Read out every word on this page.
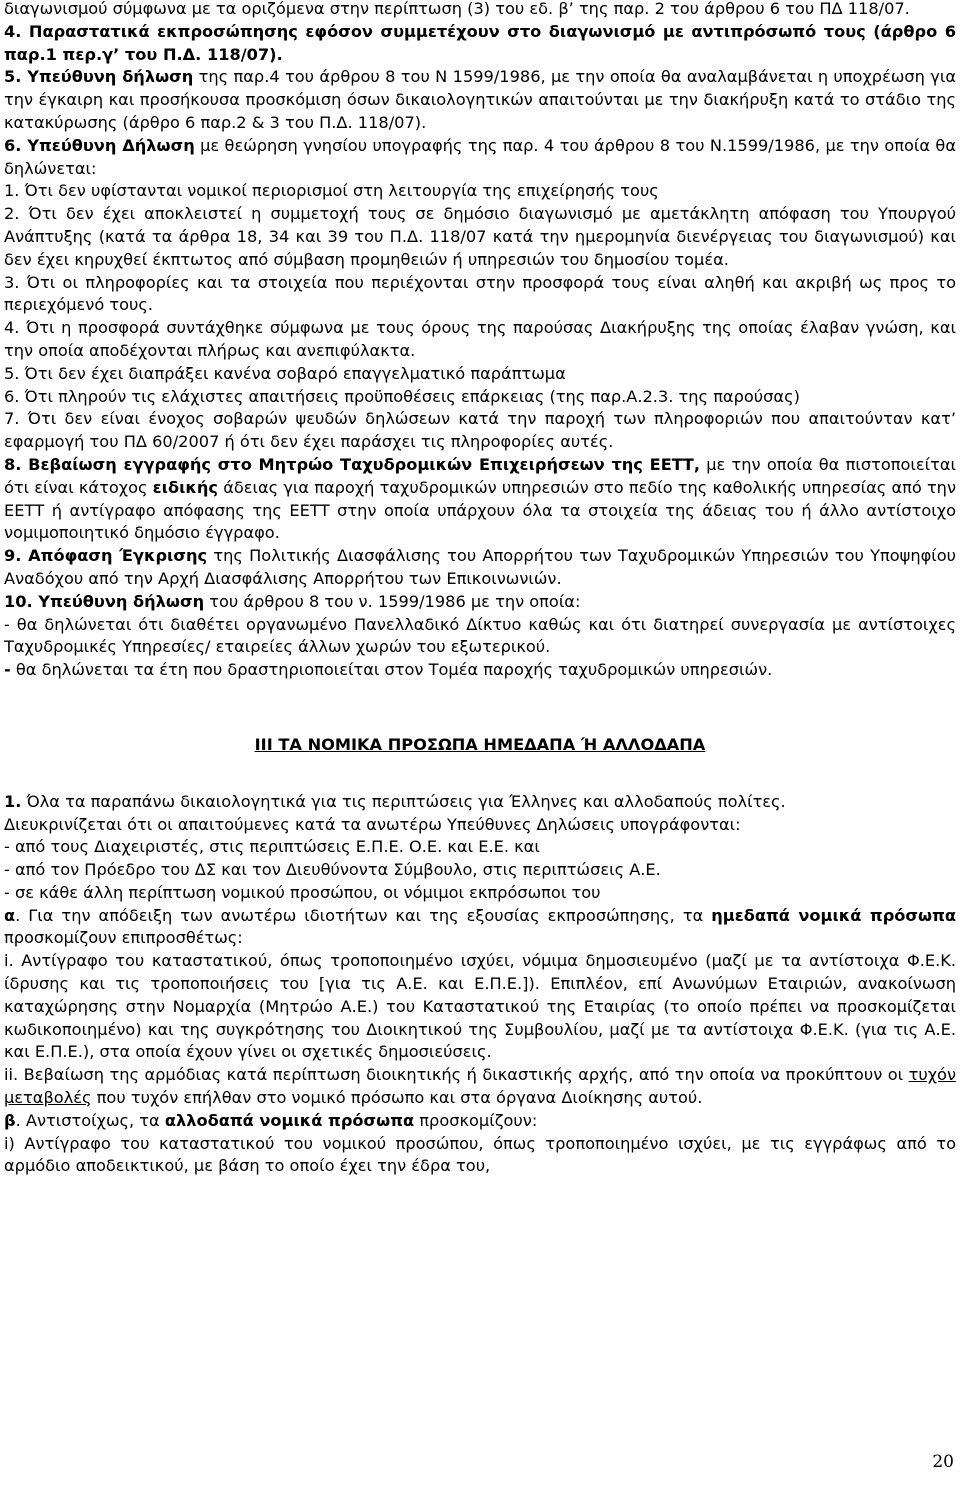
διαγωνισμού σύμφωνα με τα οριζόμενα στην περίπτωση (3) του εδ. β’ της παρ. 2 του άρθρου 6 του ΠΔ 118/07.

4. Παραστατικά εκπροσώπησης εφόσον συμμετέχουν στο διαγωνισμό με αντιπρόσωπό τους (άρθρο 6 παρ.1 περ.γ’ του Π.Δ. 118/07).

5. Υπεύθυνη δήλωση της παρ.4 του άρθρου 8 του Ν 1599/1986, με την οποία θα αναλαμβάνεται η υποχρέωση για την έγκαιρη και προσήκουσα προσκόμιση όσων δικαιολογητικών απαιτούνται με την διακήρυξη κατά το στάδιο της κατακύρωσης (άρθρο 6 παρ.2 & 3 του Π.Δ. 118/07).

6. Υπεύθυνη Δήλωση με θεώρηση γνησίου υπογραφής της παρ. 4 του άρθρου 8 του Ν.1599/1986, με την οποία θα δηλώνεται:

1. Ότι δεν υφίστανται νομικοί περιορισμοί στη λειτουργία της επιχείρησής τους

2. Ότι δεν έχει αποκλειστεί η συμμετοχή τους σε δημόσιο διαγωνισμό με αμετάκλητη απόφαση του Υπουργού Ανάπτυξης (κατά τα άρθρα 18, 34 και 39 του Π.Δ. 118/07 κατά την ημερομηνία διενέργειας του διαγωνισμού) και δεν έχει κηρυχθεί έκπτωτος από σύμβαση προμηθειών ή υπηρεσιών του δημοσίου τομέα.

3. Ότι οι πληροφορίες και τα στοιχεία που περιέχονται στην προσφορά τους είναι αληθή και ακριβή ως προς το περιεχόμενό τους.

4. Ότι η προσφορά συντάχθηκε σύμφωνα με τους όρους της παρούσας Διακήρυξης της οποίας έλαβαν γνώση, και την οποία αποδέχονται πλήρως και ανεπιφύλακτα.

5. Ότι δεν έχει διαπράξει κανένα σοβαρό επαγγελματικό παράπτωμα

6. Ότι πληρούν τις ελάχιστες απαιτήσεις προϋποθέσεις επάρκειας (της παρ.Α.2.3. της παρούσας)

7. Ότι δεν είναι ένοχος σοβαρών ψευδών δηλώσεων κατά την παροχή των πληροφοριών που απαιτούνταν κατ’ εφαρμογή του ΠΔ 60/2007 ή ότι δεν έχει παράσχει τις πληροφορίες αυτές.

8. Βεβαίωση εγγραφής στο Μητρώο Ταχυδρομικών Επιχειρήσεων της ΕΕΤΤ, με την οποία θα πιστοποιείται ότι είναι κάτοχος ειδικής άδειας για παροχή ταχυδρομικών υπηρεσιών στο πεδίο της καθολικής υπηρεσίας από την ΕΕΤΤ ή αντίγραφο απόφασης της ΕΕΤΤ στην οποία υπάρχουν όλα τα στοιχεία της άδειας του ή άλλο αντίστοιχο νομιμοποιητικό δημόσιο έγγραφο.

9. Απόφαση Έγκρισης της Πολιτικής Διασφάλισης του Απορρήτου των Ταχυδρομικών Υπηρεσιών του Υποψηφίου Αναδόχου από την Αρχή Διασφάλισης Απορρήτου των Επικοινωνιών.

10. Υπεύθυνη δήλωση του άρθρου 8 του ν. 1599/1986 με την οποία:

- θα δηλώνεται ότι διαθέτει οργανωμένο Πανελλαδικό Δίκτυο καθώς και ότι διατηρεί συνεργασία με αντίστοιχες Ταχυδρομικές Υπηρεσίες/ εταιρείες άλλων χωρών του εξωτερικού.

- θα δηλώνεται τα έτη που δραστηριοποιείται στον Τομέα παροχής ταχυδρομικών υπηρεσιών.

ΙΙΙ ΤΑ ΝΟΜΙΚΑ ΠΡΟΣΩΠΑ ΗΜΕΔΑΠΑ Ή ΑΛΛΟΔΑΠΑ

1. Όλα τα παραπάνω δικαιολογητικά για τις περιπτώσεις για Έλληνες και αλλοδαπούς πολίτες.

Διευκρινίζεται ότι οι απαιτούμενες κατά τα ανωτέρω Υπεύθυνες Δηλώσεις υπογράφονται:

- από τους Διαχειριστές, στις περιπτώσεις Ε.Π.Ε. Ο.Ε. και Ε.Ε. και

- από τον Πρόεδρο του ΔΣ και τον Διευθύνοντα Σύμβουλο, στις περιπτώσεις Α.Ε.

- σε κάθε άλλη περίπτωση νομικού προσώπου, οι νόμιμοι εκπρόσωποι του

α. Για την απόδειξη των ανωτέρω ιδιοτήτων και της εξουσίας εκπροσώπησης, τα ημεδαπά νομικά πρόσωπα προσκομίζουν επιπροσθέτως:

i. Αντίγραφο του καταστατικού, όπως τροποποιημένο ισχύει, νόμιμα δημοσιευμένο (μαζί με τα αντίστοιχα Φ.Ε.Κ. ίδρυσης και τις τροποποιήσεις του [για τις Α.Ε. και Ε.Π.Ε.]). Επιπλέον, επί Ανωνύμων Εταιριών, ανακοίνωση καταχώρησης στην Νομαρχία (Μητρώο Α.Ε.) του Καταστατικού της Εταιρίας (το οποίο πρέπει να προσκομίζεται κωδικοποιημένο) και της συγκρότησης του Διοικητικού της Συμβουλίου, μαζί με τα αντίστοιχα Φ.Ε.Κ. (για τις Α.Ε. και Ε.Π.Ε.), στα οποία έχουν γίνει οι σχετικές δημοσιεύσεις.

ii. Βεβαίωση της αρμόδιας κατά περίπτωση διοικητικής ή δικαστικής αρχής, από την οποία να προκύπτουν οι τυχόν μεταβολές που τυχόν επήλθαν στο νομικό πρόσωπο και στα όργανα Διοίκησης αυτού.

β. Αντιστοίχως, τα αλλοδαπά νομικά πρόσωπα προσκομίζουν:

i) Αντίγραφο του καταστατικού του νομικού προσώπου, όπως τροποποιημένο ισχύει, με τις εγγράφως από το αρμόδιο αποδεικτικού, με βάση το οποίο έχει την έδρα του,

20
